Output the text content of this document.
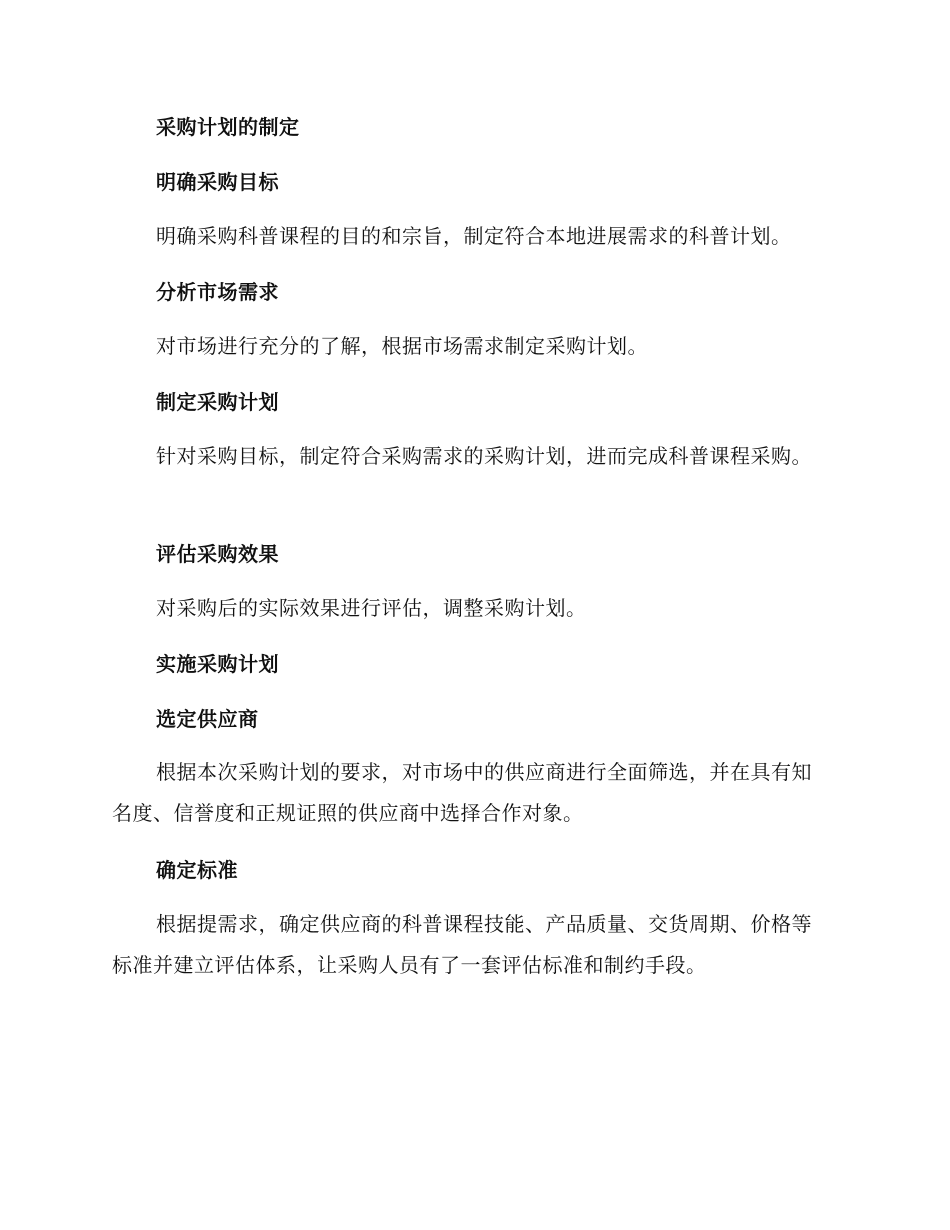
采购计划的制定
明确采购目标

明确采购科普课程的目的和宗旨，制定符合本地进展需求的科普计划。

分析市场需求

对市场进行充分的了解，根据市场需求制定采购计划。

制定采购计划

针对采购目标，制定符合采购需求的采购计划，进而完成科普课程采购。

评估采购效果

对采购后的实际效果进行评估，调整采购计划。

实施采购计划
选定供应商

根据本次采购计划的要求，对市场中的供应商进行全面筛选，并在具有知名度、信誉度和正规证照的供应商中选择合作对象。

确定标准

根据提需求，确定供应商的科普课程技能、产品质量、交货周期、价格等标准并建立评估体系，让采购人员有了一套评估标准和制约手段。
